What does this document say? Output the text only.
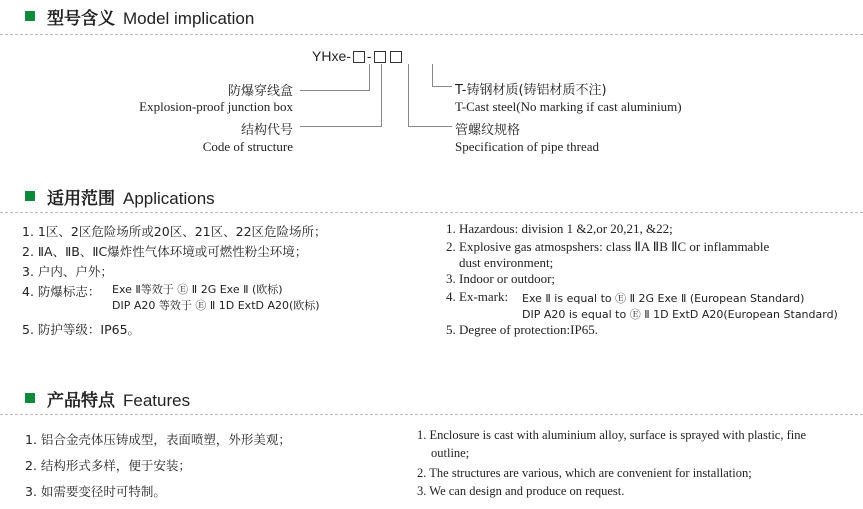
型号含义 Model implication
YHxe- -
防爆穿线盒
Explosion-proof junction box
结构代号
Code of structure
T-铸钢材质(铸铝材质不注)
T-Cast steel(No marking if cast aluminium)
管螺纹规格
Specification of pipe thread
适用范围 Applications
1. 1区、2区危险场所或20区、21区、22区危险场所；
2. ⅡA、ⅡB、ⅡC爆炸性气体环境或可燃性粉尘环境；
3. 户内、户外；
4. 防爆标志： Exe Ⅱ等效于 Ⓔ Ⅱ 2G Exe Ⅱ (欧标)
DIP A20 等效于 Ⓔ Ⅱ 1D ExtD A20(欧标)
5. 防护等级：IP65。
1. Hazardous: division 1 &2,or 20,21, &22;
2. Explosive gas atmospshers: class ⅡA ⅡB ⅡC or inflammable
dust environment;
3. Indoor or outdoor;
4. Ex-mark: Exe Ⅱ is equal to Ⓔ Ⅱ 2G Exe Ⅱ (European Standard)
DIP A20 is equal to Ⓔ Ⅱ 1D ExtD A20(European Standard)
5. Degree of protection:IP65.
产品特点 Features
1. 铝合金壳体压铸成型，表面喷塑，外形美观；
2. 结构形式多样，便于安装；
3. 如需要变径时可特制。
1. Enclosure is cast with aluminium alloy, surface is sprayed with plastic, fine
outline;
2. The structures are various, which are convenient for installation;
3. We can design and produce on request.
